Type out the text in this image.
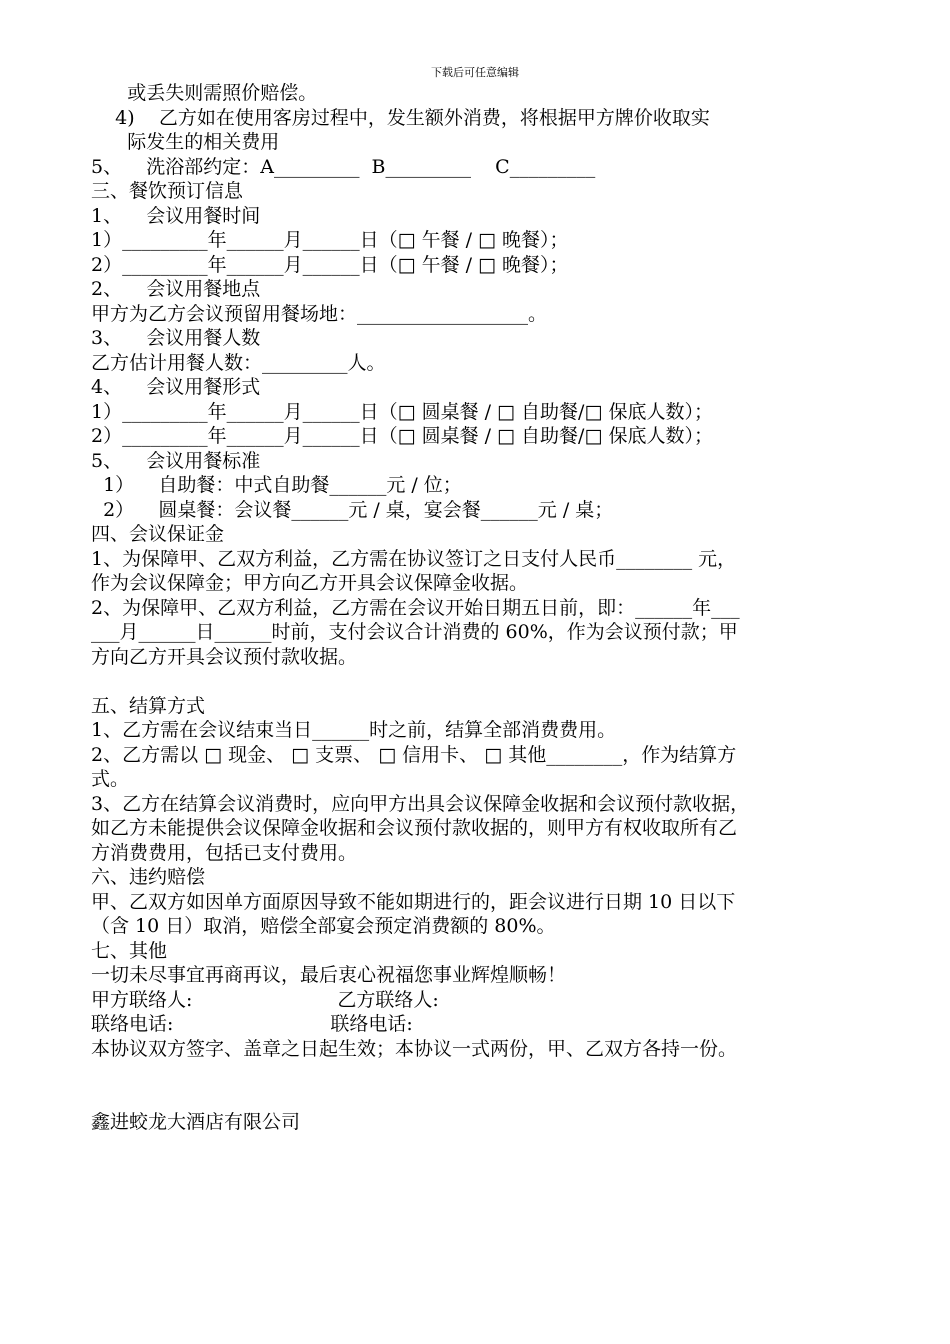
下载后可任意编辑
或丢失则需照价赔偿。
4)    乙方如在使用客房过程中，发生额外消费，将根据甲方牌价收取实
际发生的相关费用
5、    洗浴部约定：A_________  B_________    C_________
三、餐饮预订信息
1、    会议用餐时间
1）_________年______月______日（□ 午餐 / □ 晚餐）；
2）_________年______月______日（□ 午餐 / □ 晚餐）；
2、    会议用餐地点
甲方为乙方会议预留用餐场地：__________________。
3、    会议用餐人数
乙方估计用餐人数：_________人。
4、    会议用餐形式
1）_________年______月______日（□ 圆桌餐 / □ 自助餐/□ 保底人数）；
2）_________年______月______日（□ 圆桌餐 / □ 自助餐/□ 保底人数）；
5、    会议用餐标准
1）    自助餐：中式自助餐______元 / 位；
2）    圆桌餐：会议餐______元 / 桌，宴会餐______元 / 桌；
四、会议保证金
1、为保障甲、乙双方利益，乙方需在协议签订之日支付人民币________ 元，
作为会议保障金；甲方向乙方开具会议保障金收据。
2、为保障甲、乙双方利益，乙方需在会议开始日期五日前，即：______年___
___月______日______时前，支付会议合计消费的 60%，作为会议预付款；甲
方向乙方开具会议预付款收据。
五、结算方式
1、乙方需在会议结束当日______时之前，结算全部消费费用。
2、乙方需以 □ 现金、 □ 支票、 □ 信用卡、 □ 其他________，作为结算方
式。
3、乙方在结算会议消费时，应向甲方出具会议保障金收据和会议预付款收据，
如乙方未能提供会议保障金收据和会议预付款收据的，则甲方有权收取所有乙
方消费费用，包括已支付费用。
六、违约赔偿
甲、乙双方如因单方面原因导致不能如期进行的，距会议进行日期 10 日以下
（含 10 日）取消，赔偿全部宴会预定消费额的 80%。
七、其他
一切未尽事宜再商再议，最后衷心祝福您事业辉煌顺畅！
甲方联络人:                        乙方联络人:
联络电话:                          联络电话:
本协议双方签字、盖章之日起生效；本协议一式两份，甲、乙双方各持一份。
鑫进蛟龙大酒店有限公司
